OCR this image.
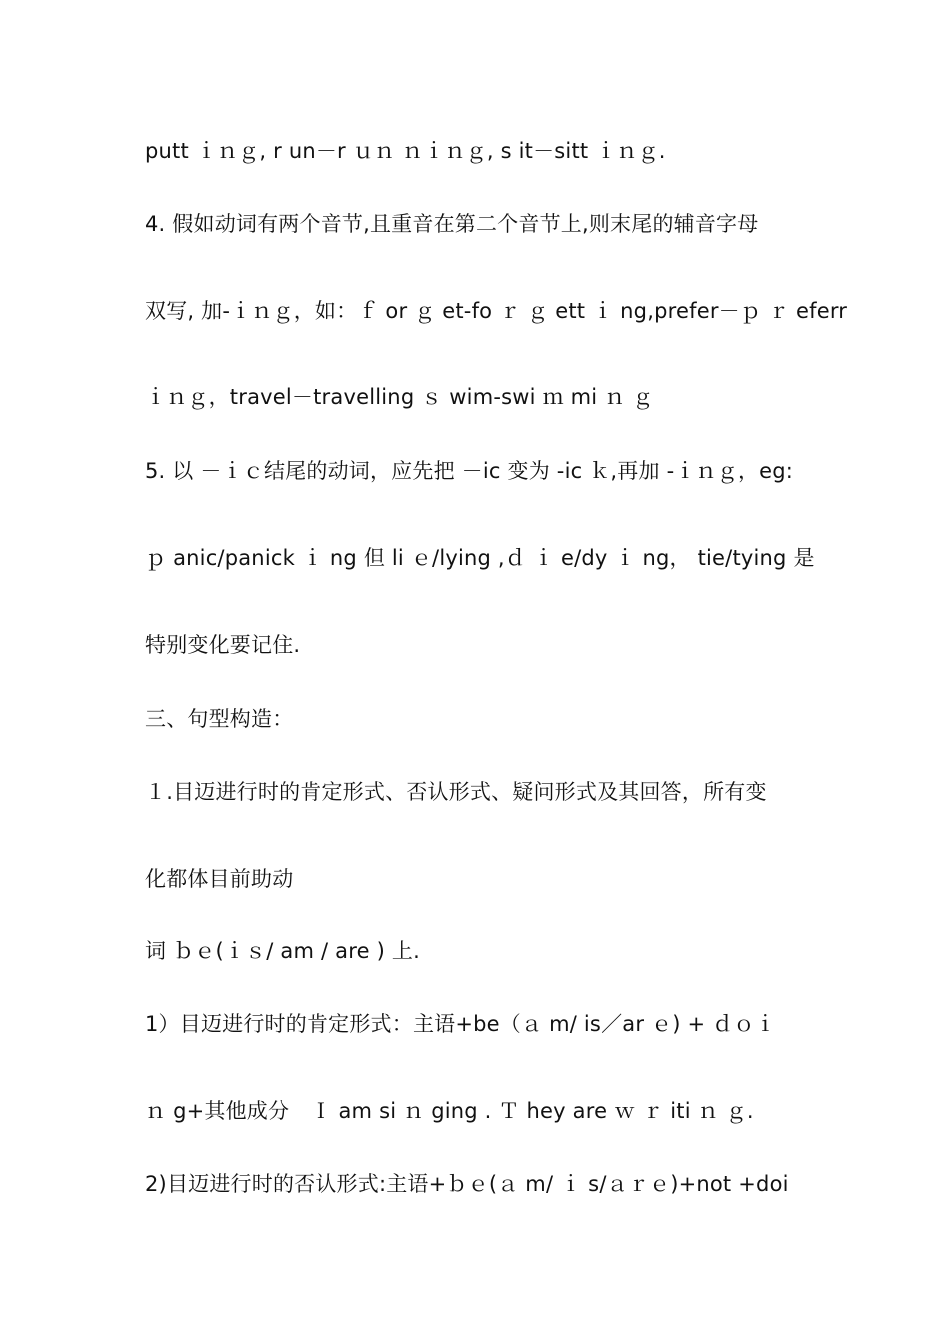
putt ｉｎｇ, r un－r ｕｎ ｎｉｎｇ, s it－sitt ｉｎｇ.
4. 假如动词有两个音节,且重音在第二个音节上,则末尾的辅音字母
双写, 加-ｉｎｇ，如：ｆ or ｇ et-fo ｒ ｇ ett ｉ ng,prefer－ｐ ｒ eferr
ｉｎｇ，travel－travelling ｓ wim-swi ｍ mi ｎ ｇ
5. 以 －ｉｃ结尾的动词，应先把 －ic 变为 -ic ｋ,再加 -ｉｎｇ，eg:
ｐ anic/panick ｉ ng 但 li ｅ/lying ,ｄ ｉ e/dy ｉ ng， tie/tying 是
特别变化要记住.
三、句型构造：
１.目迈进行时的肯定形式、否认形式、疑问形式及其回答，所有变
化都体目前助动
词 ｂｅ(ｉｓ/ am / are ) 上.
1）目迈进行时的肯定形式：主语+be（ａ m/ is／ar ｅ) + ｄｏｉ
ｎ g+其他成分　Ｉ am si ｎ ging . Ｔ hey are ｗ ｒ iti ｎ ｇ.
2)目迈进行时的否认形式:主语+ｂｅ(ａ m/ ｉ s/ａｒｅ)+not +doi
